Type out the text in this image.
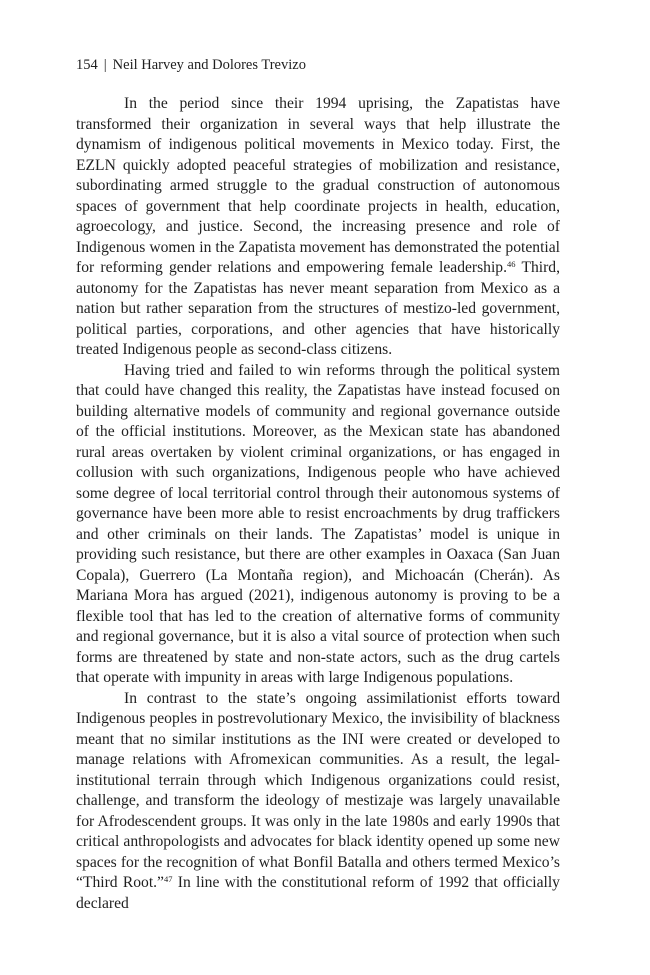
154 | Neil Harvey and Dolores Trevizo

In the period since their 1994 uprising, the Zapatistas have transformed their organization in several ways that help illustrate the dynamism of indigenous political movements in Mexico today. First, the EZLN quickly adopted peaceful strategies of mobilization and resistance, subordinating armed struggle to the gradual construction of autonomous spaces of government that help coordinate projects in health, education, agroecology, and justice. Second, the increasing presence and role of Indigenous women in the Zapatista movement has demonstrated the potential for reforming gender relations and empowering female leadership.$^{46}$ Third, autonomy for the Zapatistas has never meant separation from Mexico as a nation but rather separation from the structures of mestizo-led government, political parties, corporations, and other agencies that have historically treated Indigenous people as second-class citizens.

Having tried and failed to win reforms through the political system that could have changed this reality, the Zapatistas have instead focused on building alternative models of community and regional governance outside of the official institutions. Moreover, as the Mexican state has abandoned rural areas overtaken by violent criminal organizations, or has engaged in collusion with such organizations, Indigenous people who have achieved some degree of local territorial control through their autonomous systems of governance have been more able to resist encroachments by drug traffickers and other criminals on their lands. The Zapatistas’ model is unique in providing such resistance, but there are other examples in Oaxaca (San Juan Copala), Guerrero (La Montaña region), and Michoacán (Cherán). As Mariana Mora has argued (2021), indigenous autonomy is proving to be a flexible tool that has led to the creation of alternative forms of community and regional governance, but it is also a vital source of protection when such forms are threatened by state and non-state actors, such as the drug cartels that operate with impunity in areas with large Indigenous populations.

In contrast to the state’s ongoing assimilationist efforts toward Indigenous peoples in postrevolutionary Mexico, the invisibility of blackness meant that no similar institutions as the INI were created or developed to manage relations with Afromexican communities. As a result, the legal-institutional terrain through which Indigenous organizations could resist, challenge, and transform the ideology of mestizaje was largely unavailable for Afrodescendent groups. It was only in the late 1980s and early 1990s that critical anthropologists and advocates for black identity opened up some new spaces for the recognition of what Bonfil Batalla and others termed Mexico’s “Third Root.”$^{47}$ In line with the constitutional reform of 1992 that officially declared
